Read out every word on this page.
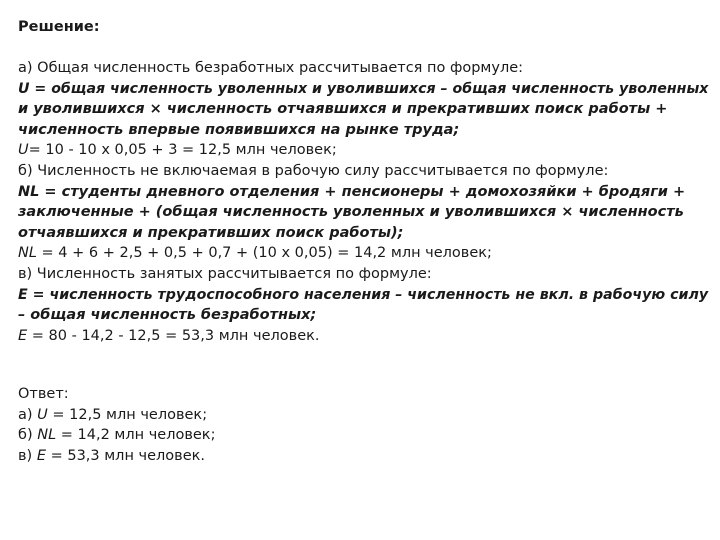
Решение:
а) Общая численность безработных рассчитывается по формуле:
U = общая численность уволенных и уволившихся – общая численность уволенных
и уволившихся × численность отчаявшихся и прекративших поиск работы +
численность впервые появившихся на рынке труда;
U= 10 - 10 х 0,05 + 3 = 12,5 млн человек;
б) Численность не включаемая в рабочую силу рассчитывается по формуле:
NL = студенты дневного отделения + пенсионеры + домохозяйки + бродяги +
заключенные + (общая численность уволенных и уволившихся × численность
отчаявшихся и прекративших поиск работы);
NL = 4 + 6 + 2,5 + 0,5 + 0,7 + (10 х 0,05) = 14,2 млн человек;
в) Численность занятых рассчитывается по формуле:
E = численность трудоспособного населения – численность не вкл. в рабочую силу
– общая численность безработных;
E = 80 - 14,2 - 12,5 = 53,3 млн человек.
Ответ:
а) U = 12,5 млн человек;
б) NL = 14,2 млн человек;
в) E = 53,3 млн человек.
